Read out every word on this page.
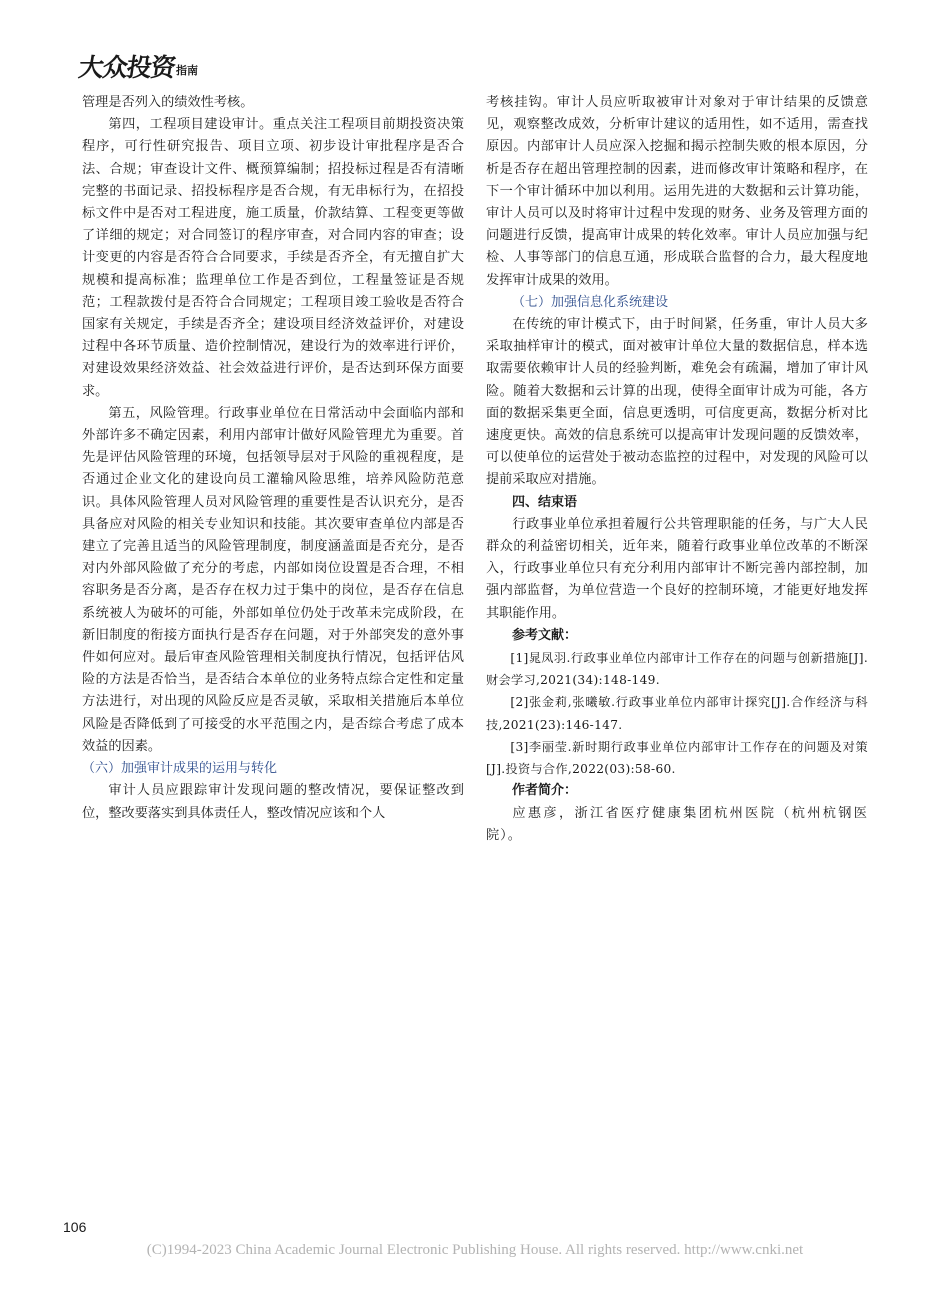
大众投资指南

管理是否列入的绩效性考核。

第四，工程项目建设审计。重点关注工程项目前期投资决策程序，可行性研究报告、项目立项、初步设计审批程序是否合法、合规；审查设计文件、概预算编制；招投标过程是否有清晰完整的书面记录、招投标程序是否合规，有无串标行为，在招投标文件中是否对工程进度，施工质量，价款结算、工程变更等做了详细的规定；对合同签订的程序审查，对合同内容的审查；设计变更的内容是否符合合同要求，手续是否齐全，有无擅自扩大规模和提高标准；监理单位工作是否到位，工程量签证是否规范；工程款拨付是否符合合同规定；工程项目竣工验收是否符合国家有关规定，手续是否齐全；建设项目经济效益评价，对建设过程中各环节质量、造价控制情况，建设行为的效率进行评价，对建设效果经济效益、社会效益进行评价，是否达到环保方面要求。

第五，风险管理。行政事业单位在日常活动中会面临内部和外部许多不确定因素，利用内部审计做好风险管理尤为重要。首先是评估风险管理的环境，包括领导层对于风险的重视程度，是否通过企业文化的建设向员工灌输风险思维，培养风险防范意识。具体风险管理人员对风险管理的重要性是否认识充分，是否具备应对风险的相关专业知识和技能。其次要审查单位内部是否建立了完善且适当的风险管理制度，制度涵盖面是否充分，是否对内外部风险做了充分的考虑，内部如岗位设置是否合理，不相容职务是否分离，是否存在权力过于集中的岗位，是否存在信息系统被人为破坏的可能，外部如单位仍处于改革未完成阶段，在新旧制度的衔接方面执行是否存在问题，对于外部突发的意外事件如何应对。最后审查风险管理相关制度执行情况，包括评估风险的方法是否恰当，是否结合本单位的业务特点综合定性和定量方法进行，对出现的风险反应是否灵敏，采取相关措施后本单位风险是否降低到了可接受的水平范围之内，是否综合考虑了成本效益的因素。

（六）加强审计成果的运用与转化

审计人员应跟踪审计发现问题的整改情况，要保证整改到位，整改要落实到具体责任人，整改情况应该和个人

考核挂钩。审计人员应听取被审计对象对于审计结果的反馈意见，观察整改成效，分析审计建议的适用性，如不适用，需查找原因。内部审计人员应深入挖掘和揭示控制失败的根本原因，分析是否存在超出管理控制的因素，进而修改审计策略和程序，在下一个审计循环中加以利用。运用先进的大数据和云计算功能，审计人员可以及时将审计过程中发现的财务、业务及管理方面的问题进行反馈，提高审计成果的转化效率。审计人员应加强与纪检、人事等部门的信息互通，形成联合监督的合力，最大程度地发挥审计成果的效用。

（七）加强信息化系统建设

在传统的审计模式下，由于时间紧，任务重，审计人员大多采取抽样审计的模式，面对被审计单位大量的数据信息，样本选取需要依赖审计人员的经验判断，难免会有疏漏，增加了审计风险。随着大数据和云计算的出现，使得全面审计成为可能，各方面的数据采集更全面，信息更透明，可信度更高，数据分析对比速度更快。高效的信息系统可以提高审计发现问题的反馈效率，可以使单位的运营处于被动态监控的过程中，对发现的风险可以提前采取应对措施。

四、结束语

行政事业单位承担着履行公共管理职能的任务，与广大人民群众的利益密切相关，近年来，随着行政事业单位改革的不断深入，行政事业单位只有充分利用内部审计不断完善内部控制，加强内部监督，为单位营造一个良好的控制环境，才能更好地发挥其职能作用。

参考文献：

[1]晁凤羽.行政事业单位内部审计工作存在的问题与创新措施[J].财会学习,2021(34):148-149.

[2]张金莉,张曦敏.行政事业单位内部审计探究[J].合作经济与科技,2021(23):146-147.

[3]李丽莹.新时期行政事业单位内部审计工作存在的问题及对策[J].投资与合作,2022(03):58-60.

作者简介：

应惠彦，浙江省医疗健康集团杭州医院（杭州杭钢医院）。

106
(C)1994-2023 China Academic Journal Electronic Publishing House. All rights reserved. http://www.cnki.net
